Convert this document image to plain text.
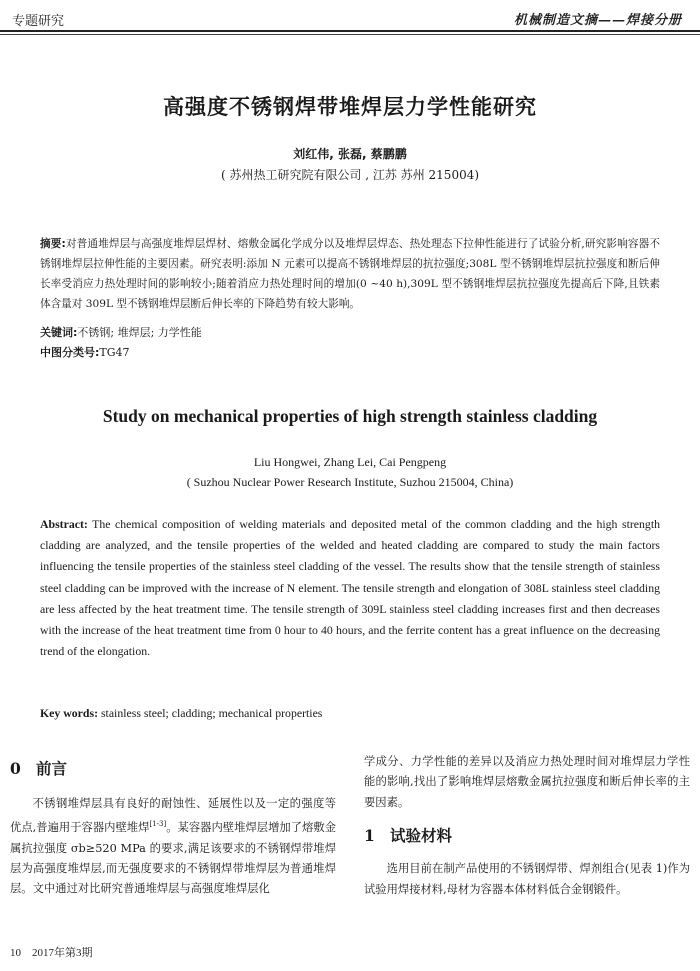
专题研究	机械制造文摘——焊接分册
高强度不锈钢焊带堆焊层力学性能研究
刘红伟, 张磊, 蔡鹏鹏
( 苏州热工研究院有限公司 , 江苏 苏州 215004)
摘要:对普通堆焊层与高强度堆焊层焊材、熔敷金属化学成分以及堆焊层焊态、热处理态下拉伸性能进行了试验分析,研究影响容器不锈钢堆焊层拉伸性能的主要因素。研究表明:添加 N 元素可以提高不锈钢堆焊层的抗拉强度;308L 型不锈钢堆焊层抗拉强度和断后伸长率受消应力热处理时间的影响较小;随着消应力热处理时间的增加(0 ~40 h),309L 型不锈钢堆焊层抗拉强度先提高后下降,且铁素体含量对 309L 型不锈钢堆焊层断后伸长率的下降趋势有较大影响。
关键词:不锈钢; 堆焊层; 力学性能
中图分类号:TG47
Study on mechanical properties of high strength stainless cladding
Liu Hongwei, Zhang Lei, Cai Pengpeng
( Suzhou Nuclear Power Research Institute, Suzhou 215004, China)
Abstract: The chemical composition of welding materials and deposited metal of the common cladding and the high strength cladding are analyzed, and the tensile properties of the welded and heated cladding are compared to study the main factors influencing the tensile properties of the stainless steel cladding of the vessel. The results show that the tensile strength of stainless steel cladding can be improved with the increase of N element. The tensile strength and elongation of 308L stainless steel cladding are less affected by the heat treatment time. The tensile strength of 309L stainless steel cladding increases first and then decreases with the increase of the heat treatment time from 0 hour to 40 hours, and the ferrite content has a great influence on the decreasing trend of the elongation.
Key words: stainless steel; cladding; mechanical properties
0 前言

不锈钢堆焊层具有良好的耐蚀性、延展性以及一定的强度等优点,普遍用于容器内壁堆焊[1-3]。某容器内壁堆焊层增加了熔敷金属抗拉强度 σb≥520 MPa 的要求,满足该要求的不锈钢焊带堆焊层为高强度堆焊层,而无强度要求的不锈钢焊带堆焊层为普通堆焊层。文中通过对比研究普通堆焊层与高强度堆焊层化

学成分、力学性能的差异以及消应力热处理时间对堆焊层力学性能的影响,找出了影响堆焊层熔敷金属抗拉强度和断后伸长率的主要因素。

1 试验材料

选用目前在制产品使用的不锈钢焊带、焊剂组合(见表 1)作为试验用焊接材料,母材为容器本体材料低合金钢锻件。

10 2017年第3期
